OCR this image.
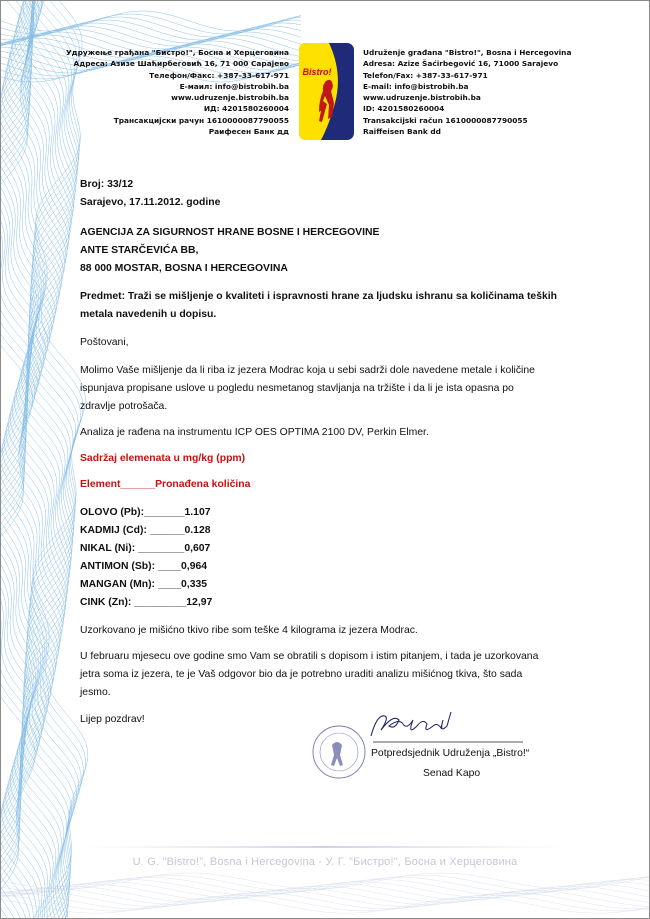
Удружење грађана "Бистро!", Босна и Херцеговина
Адреса: Азизе Шаћирбеговић 16, 71 000 Сарајево
Телефон/Факс: +387-33-617-971
Е-маил: info@bistrobih.ba
www.udruzenje.bistrobih.ba
ИД: 4201580260004
Трансакцијски рачун 1610000087790055
Раифесен Банк дд
Bistro!
Udruženje građana "Bistro!", Bosna i Hercegovina
Adresa: Azize Šaćirbegović 16, 71000 Sarajevo
Telefon/Fax: +387-33-617-971
E-mail: info@bistrobih.ba
www.udruzenje.bistrobih.ba
ID: 4201580260004
Transakcijski račun 1610000087790055
Raiffeisen Bank dd
Broj: 33/12
Sarajevo, 17.11.2012. godine
AGENCIJA ZA SIGURNOST HRANE BOSNE I HERCEGOVINE
ANTE STARČEVIĆA BB,
88 000 MOSTAR, BOSNA I HERCEGOVINA
Predmet: Traži se mišljenje o kvaliteti i ispravnosti hrane za ljudsku ishranu sa količinama teških
metala navedenih u dopisu.
Poštovani,
Molimo Vaše mišljenje da li riba iz jezera Modrac koja u sebi sadrži dole navedene metale i količine
ispunjava propisane uslove u pogledu nesmetanog stavljanja na tržište i da li je ista opasna po
zdravlje potrošača.
Analiza je rađena na instrumentu ICP OES OPTIMA 2100 DV, Perkin Elmer.
Sadržaj elemenata u mg/kg (ppm)
Element______Pronađena količina
OLOVO (Pb):_______1.107
KADMIJ (Cd): ______0.128
NIKAL (Ni): ________0,607
ANTIMON (Sb): ____0,964
MANGAN (Mn): ____0,335
CINK (Zn): _________12,97
Uzorkovano je mišićno tkivo ribe som teške 4 kilograma iz jezera Modrac.
U februaru mjesecu ove godine smo Vam se obratili s dopisom i istim pitanjem, i tada je uzorkovana
jetra soma iz jezera, te je Vaš odgovor bio da je potrebno uraditi analizu mišićnog tkiva, što sada
jesmo.
Lijep pozdrav!
Potpredsjednik Udruženja „Bistro!“
Senad Kapo
U. G. "Bistro!", Bosna i Hercegovina - У. Г. "Бистро!", Босна и Херцеговина
